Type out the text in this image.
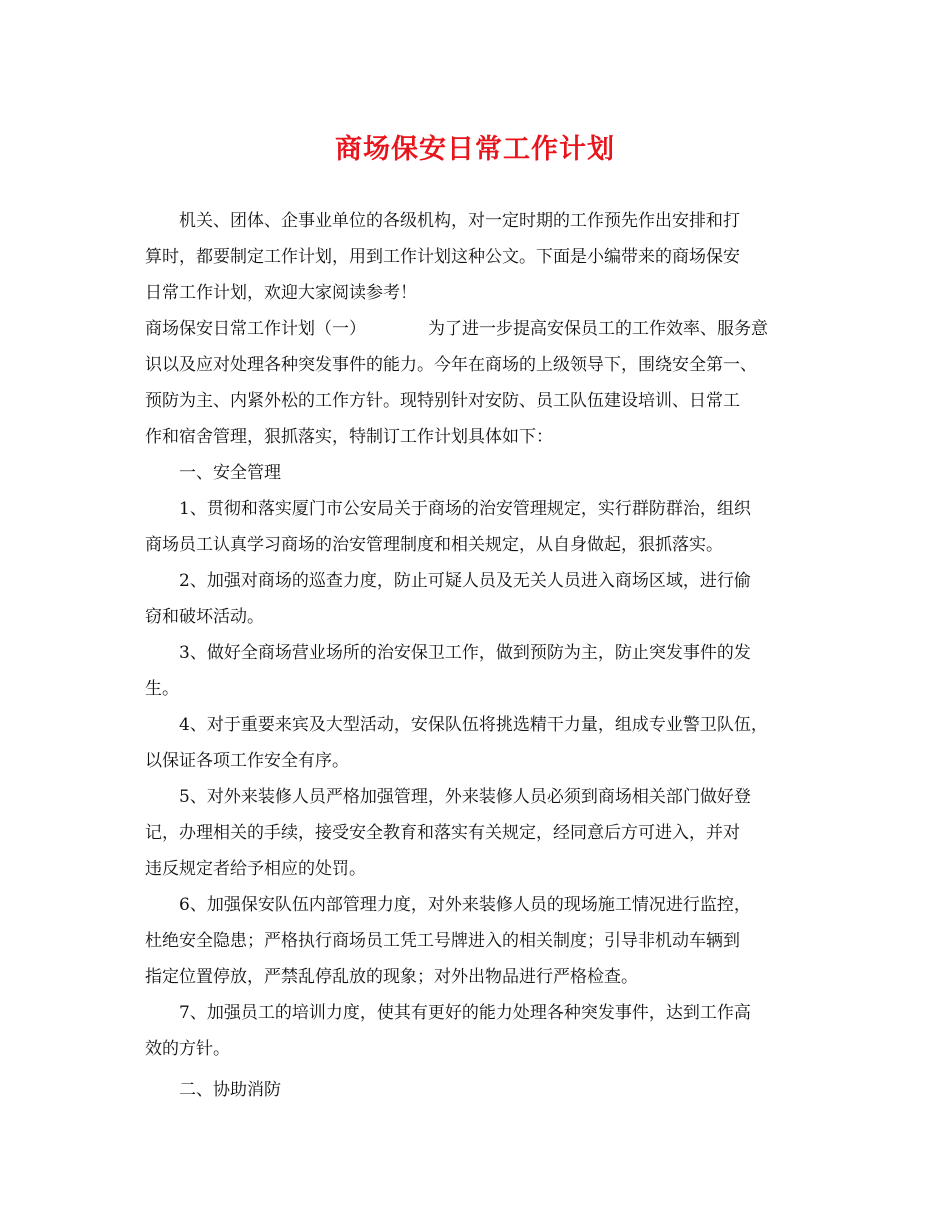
商场保安日常工作计划
机关、团体、企事业单位的各级机构，对一定时期的工作预先作出安排和打
算时，都要制定工作计划，用到工作计划这种公文。下面是小编带来的商场保安
日常工作计划，欢迎大家阅读参考！
商场保安日常工作计划（一）	为了进一步提高安保员工的工作效率、服务意
识以及应对处理各种突发事件的能力。今年在商场的上级领导下，围绕安全第一、
预防为主、内紧外松的工作方针。现特别针对安防、员工队伍建设培训、日常工
作和宿舍管理，狠抓落实，特制订工作计划具体如下：
一、安全管理
1、贯彻和落实厦门市公安局关于商场的治安管理规定，实行群防群治，组织
商场员工认真学习商场的治安管理制度和相关规定，从自身做起，狠抓落实。
2、加强对商场的巡查力度，防止可疑人员及无关人员进入商场区域，进行偷
窃和破坏活动。
3、做好全商场营业场所的治安保卫工作，做到预防为主，防止突发事件的发
生。
4、对于重要来宾及大型活动，安保队伍将挑选精干力量，组成专业警卫队伍，
以保证各项工作安全有序。
5、对外来装修人员严格加强管理，外来装修人员必须到商场相关部门做好登
记，办理相关的手续，接受安全教育和落实有关规定，经同意后方可进入，并对
违反规定者给予相应的处罚。
6、加强保安队伍内部管理力度，对外来装修人员的现场施工情况进行监控，
杜绝安全隐患；严格执行商场员工凭工号牌进入的相关制度；引导非机动车辆到
指定位置停放，严禁乱停乱放的现象；对外出物品进行严格检查。
7、加强员工的培训力度，使其有更好的能力处理各种突发事件，达到工作高
效的方针。
二、协助消防
